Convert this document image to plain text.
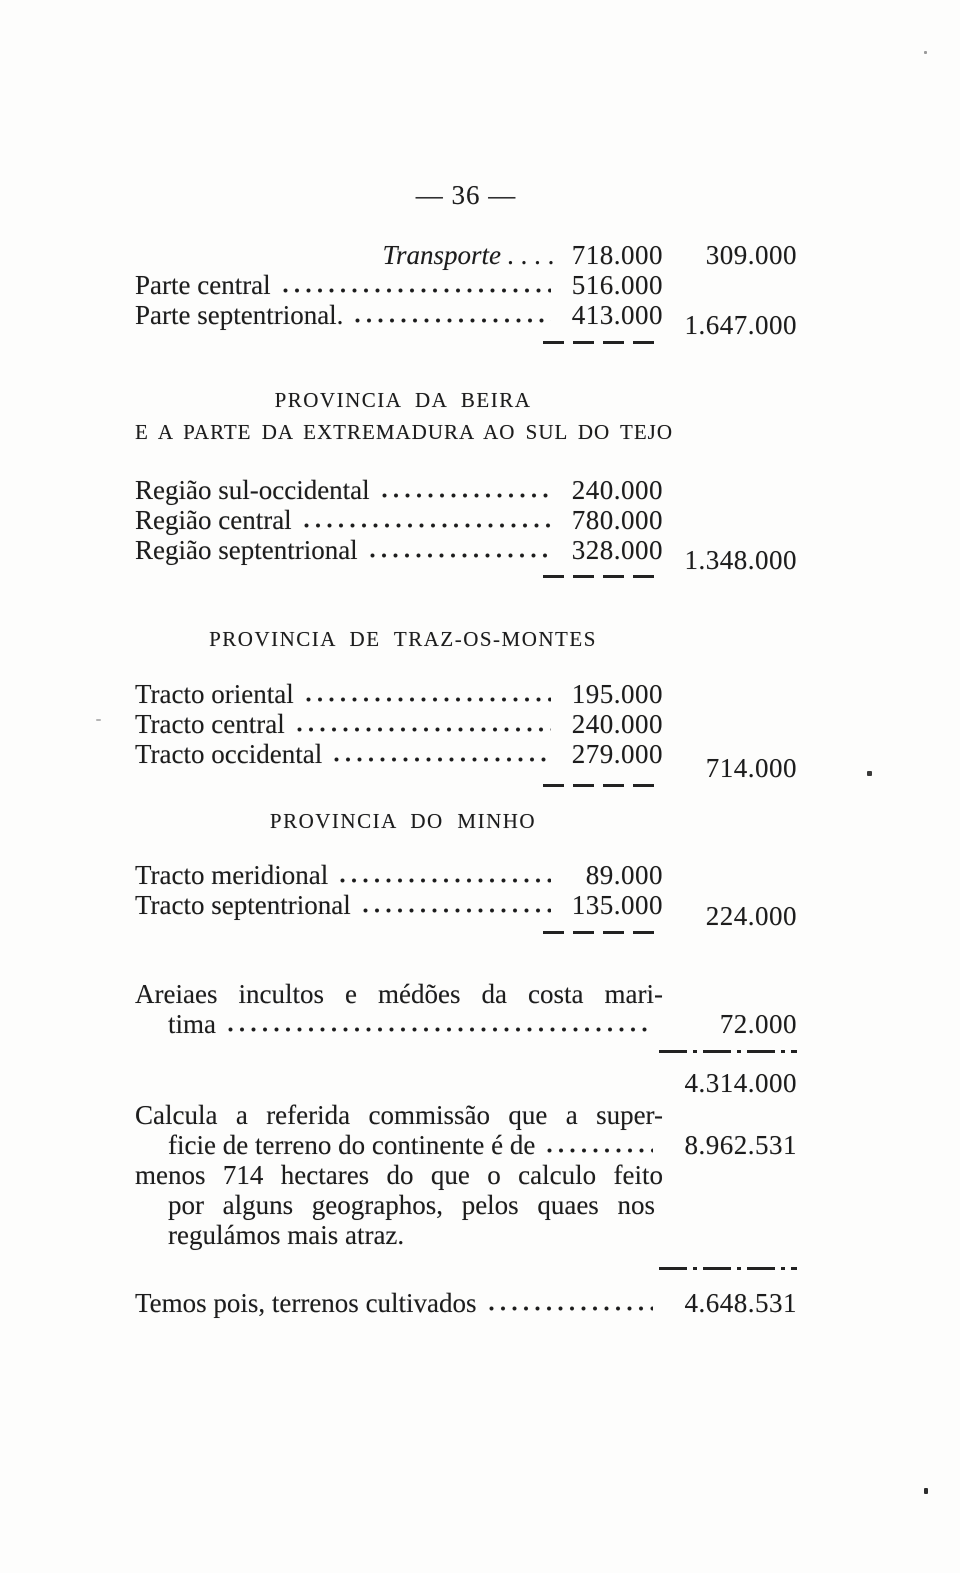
— 36 —
Transporte . . . . 718.000	309.000
Parte central	516.000
Parte septentrional.	413.000 1.647.000
PROVINCIA DA BEIRA
E A PARTE DA EXTREMADURA AO SUL DO TEJO
Região sul-occidental	240.000
Região central	780.000
Região septentrional	328.000 1.348.000
PROVINCIA DE TRAZ-OS-MONTES
Tracto oriental	195.000
Tracto central	240.000
Tracto occidental	279.000	714.000
PROVINCIA DO MINHO
Tracto meridional	89.000
Tracto septentrional	135.000	224.000
Areiaes incultos e médões da costa mari-
tima	72.000
4.314.000
Calcula a referida commissão que a super-
ficie de terreno do continente é de	8.962.531
menos 714 hectares do que o calculo feito
por alguns geographos, pelos quaes nos
regulámos mais atraz.
Temos pois, terrenos cultivados	4.648.531
